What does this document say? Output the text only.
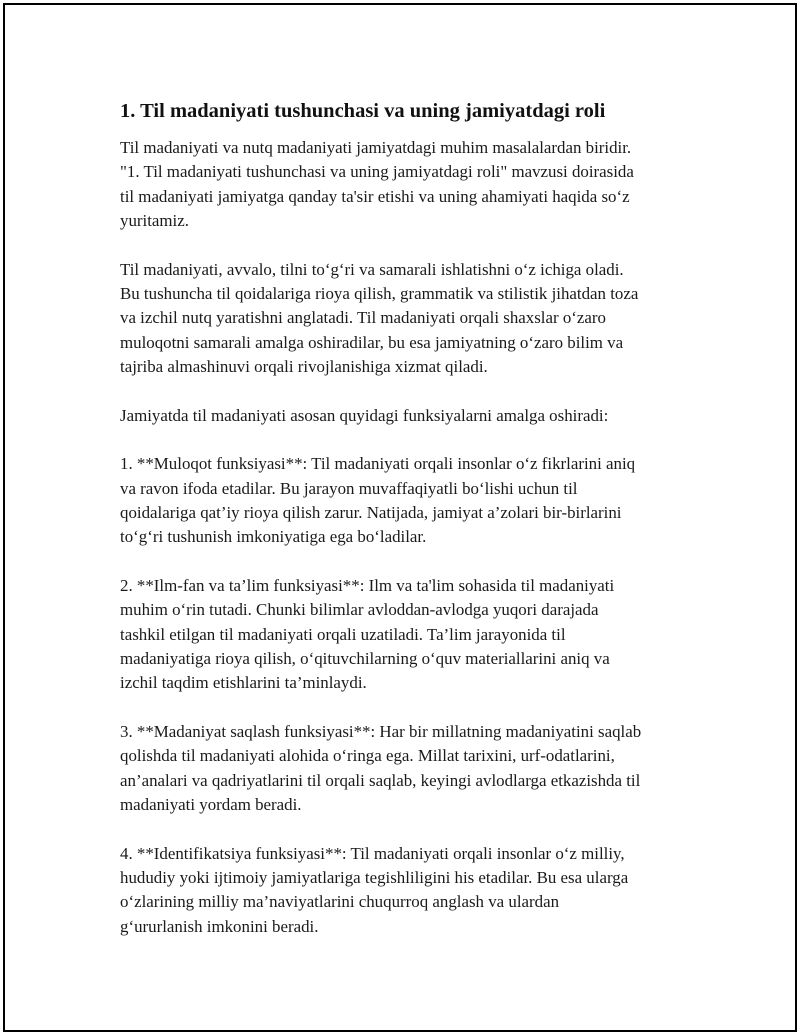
1. Til madaniyati tushunchasi va uning jamiyatdagi roli

Til madaniyati va nutq madaniyati jamiyatdagi muhim masalalardan biridir.
"1. Til madaniyati tushunchasi va uning jamiyatdagi roli" mavzusi doirasida
til madaniyati jamiyatga qanday ta'sir etishi va uning ahamiyati haqida so‘z
yuritamiz.

Til madaniyati, avvalo, tilni to‘g‘ri va samarali ishlatishni o‘z ichiga oladi.
Bu tushuncha til qoidalariga rioya qilish, grammatik va stilistik jihatdan toza
va izchil nutq yaratishni anglatadi. Til madaniyati orqali shaxslar o‘zaro
muloqotni samarali amalga oshiradilar, bu esa jamiyatning o‘zaro bilim va
tajriba almashinuvi orqali rivojlanishiga xizmat qiladi.

Jamiyatda til madaniyati asosan quyidagi funksiyalarni amalga oshiradi:

1. **Muloqot funksiyasi**: Til madaniyati orqali insonlar o‘z fikrlarini aniq
va ravon ifoda etadilar. Bu jarayon muvaffaqiyatli bo‘lishi uchun til
qoidalariga qat’iy rioya qilish zarur. Natijada, jamiyat a’zolari bir-birlarini
to‘g‘ri tushunish imkoniyatiga ega bo‘ladilar.

2. **Ilm-fan va ta’lim funksiyasi**: Ilm va ta'lim sohasida til madaniyati
muhim o‘rin tutadi. Chunki bilimlar avloddan-avlodga yuqori darajada
tashkil etilgan til madaniyati orqali uzatiladi. Ta’lim jarayonida til
madaniyatiga rioya qilish, o‘qituvchilarning o‘quv materiallarini aniq va
izchil taqdim etishlarini ta’minlaydi.

3. **Madaniyat saqlash funksiyasi**: Har bir millatning madaniyatini saqlab
qolishda til madaniyati alohida o‘ringa ega. Millat tarixini, urf-odatlarini,
an’analari va qadriyatlarini til orqali saqlab, keyingi avlodlarga etkazishda til
madaniyati yordam beradi.

4. **Identifikatsiya funksiyasi**: Til madaniyati orqali insonlar o‘z milliy,
hududiy yoki ijtimoiy jamiyatlariga tegishliligini his etadilar. Bu esa ularga
o‘zlarining milliy ma’naviyatlarini chuqurroq anglash va ulardan
g‘ururlanish imkonini beradi.
